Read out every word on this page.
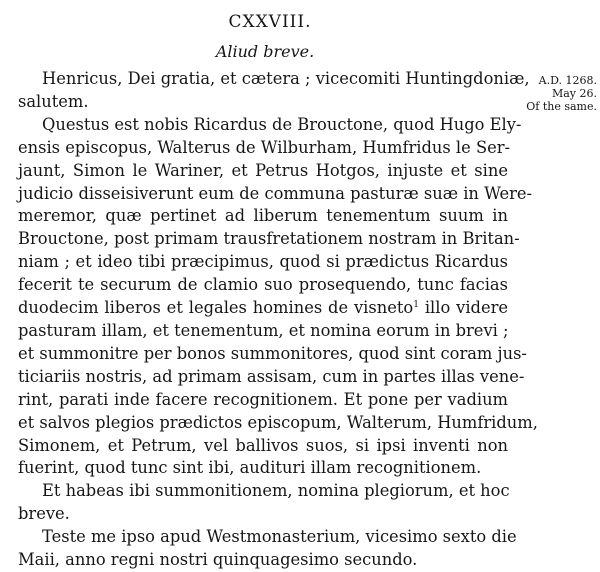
CXXVIII.
Aliud breve.
A.D. 1268.
May 26.
Of the same.
Henricus, Dei gratia, et cætera ; vicecomiti Huntingdoniæ,
salutem.
Questus est nobis Ricardus de Brouctone, quod Hugo Ely-
ensis episcopus, Walterus de Wilburham, Humfridus le Ser-
jaunt, Simon le Wariner, et Petrus Hotgos, injuste et sine
judicio disseisiverunt eum de communa pasturæ suæ in Were-
meremor, quæ pertinet ad liberum tenementum suum in
Brouctone, post primam trausfretationem nostram in Britan-
niam ; et ideo tibi præcipimus, quod si prædictus Ricardus
fecerit te securum de clamio suo prosequendo, tunc facias
duodecim liberos et legales homines de visneto$^1$ illo videre
pasturam illam, et tenementum, et nomina eorum in brevi ;
et summonitre per bonos summonitores, quod sint coram jus-
ticiariis nostris, ad primam assisam, cum in partes illas vene-
rint, parati inde facere recognitionem. Et pone per vadium
et salvos plegios prædictos episcopum, Walterum, Humfridum,
Simonem, et Petrum, vel ballivos suos, si ipsi inventi non
fuerint, quod tunc sint ibi, audituri illam recognitionem.
Et habeas ibi summonitionem, nomina plegiorum, et hoc
breve.
Teste me ipso apud Westmonasterium, vicesimo sexto die
Maii, anno regni nostri quinquagesimo secundo.
